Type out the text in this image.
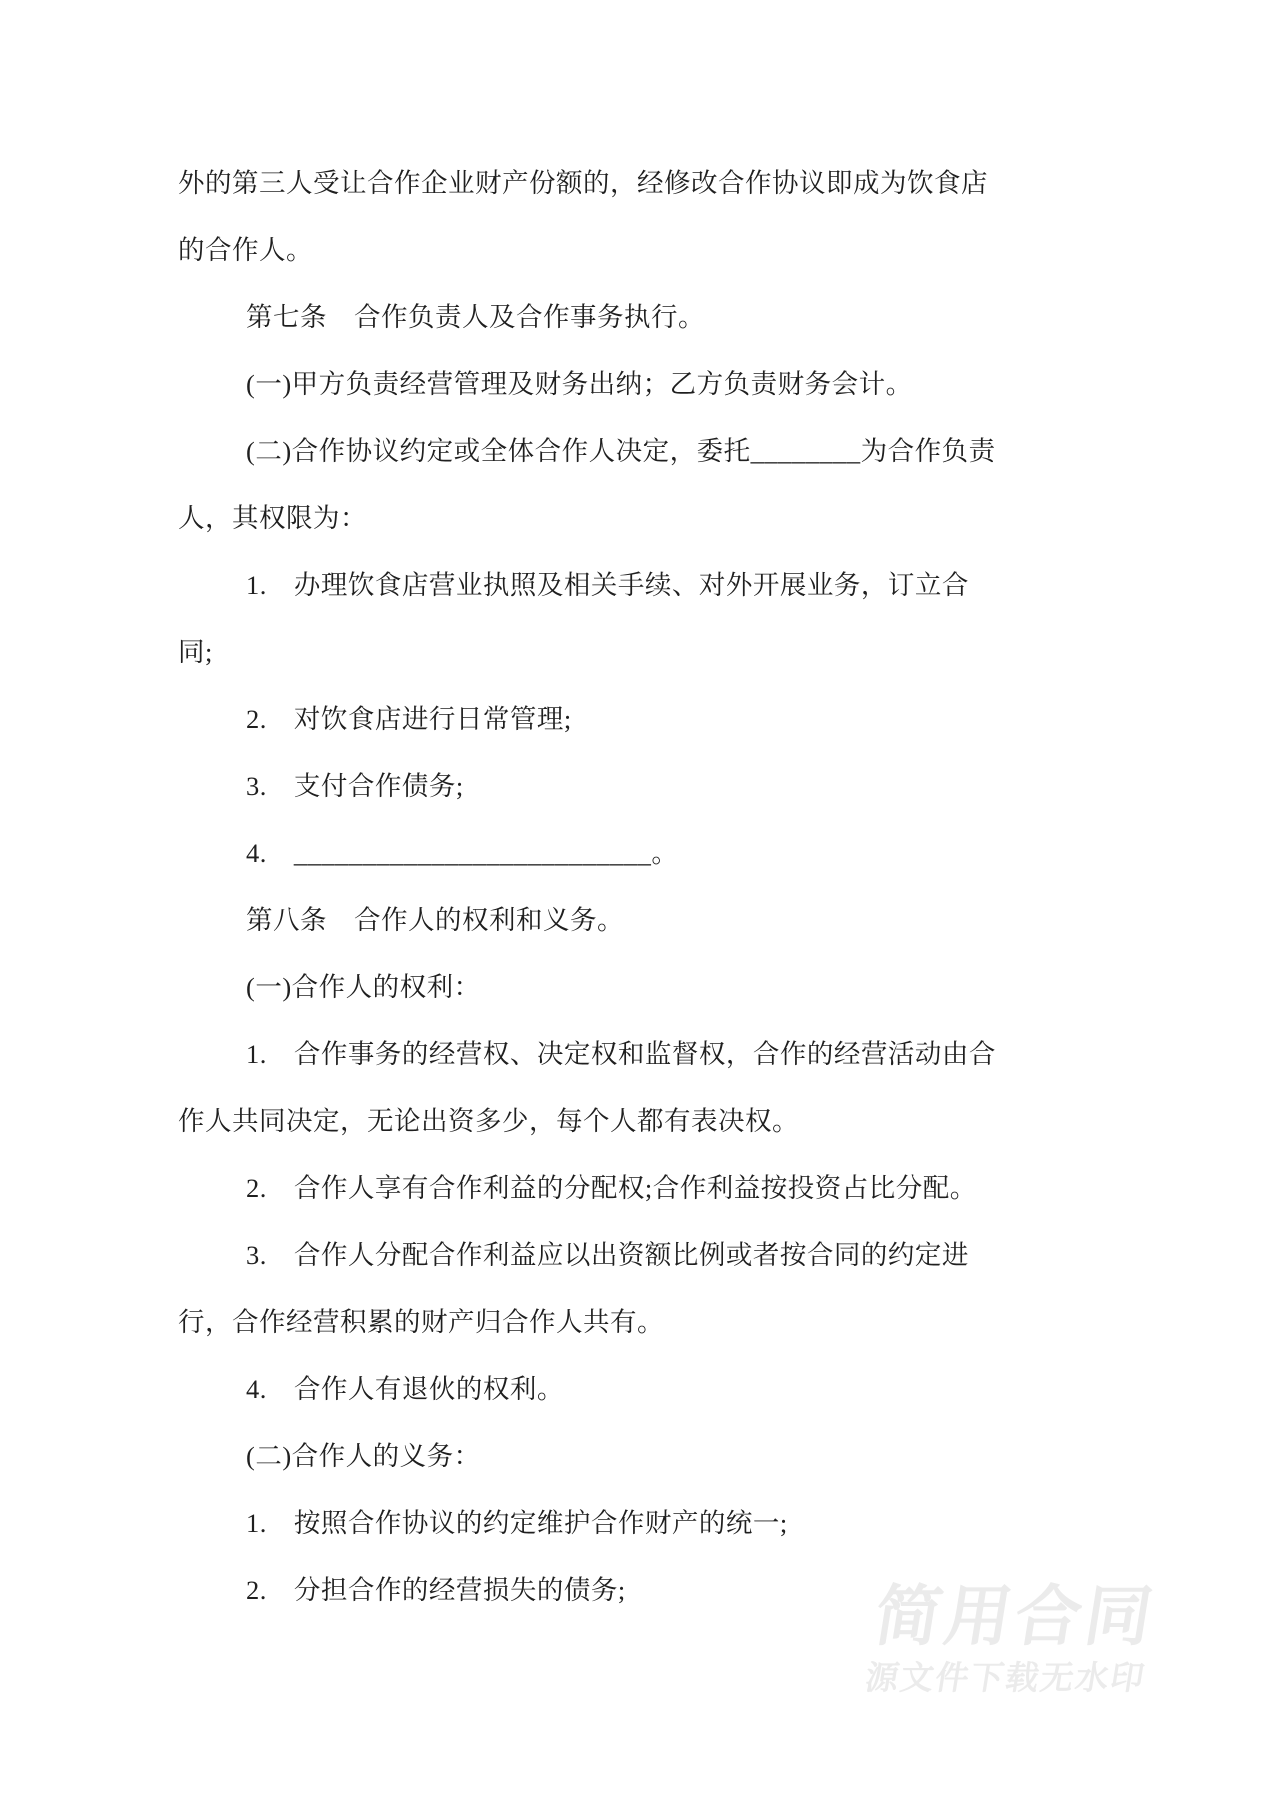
外的第三人受让合作企业财产份额的，经修改合作协议即成为饮食店
的合作人。
第七条　合作负责人及合作事务执行。
(一)甲方负责经营管理及财务出纳；乙方负责财务会计。
(二)合作协议约定或全体合作人决定，委托________为合作负责
人，其权限为：
1.　办理饮食店营业执照及相关手续、对外开展业务，订立合
同;
2.　对饮食店进行日常管理;
3.　支付合作债务;
4.　__________________________。
第八条　合作人的权利和义务。
(一)合作人的权利：
1.　合作事务的经营权、决定权和监督权，合作的经营活动由合
作人共同决定，无论出资多少，每个人都有表决权。
2.　合作人享有合作利益的分配权;合作利益按投资占比分配。
3.　合作人分配合作利益应以出资额比例或者按合同的约定进
行，合作经营积累的财产归合作人共有。
4.　合作人有退伙的权利。
(二)合作人的义务：
1.　按照合作协议的约定维护合作财产的统一;
2.　分担合作的经营损失的债务;	简用合同
源文件下载无水印
